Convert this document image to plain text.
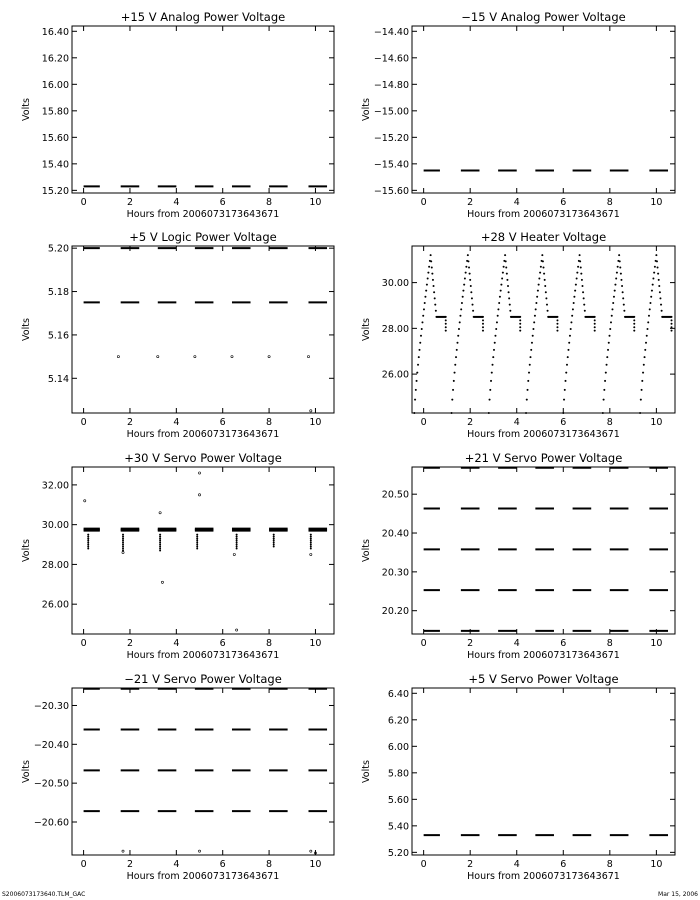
+15 V Analog Power Voltage
Hours from 2006073173643671
Volts
0	2	4	6	8	10
15.20
15.40
15.60
15.80
16.00
16.20
16.40
−15 V Analog Power Voltage
Hours from 2006073173643671
Volts
0	2	4	6	8	10
−15.60
−15.40
−15.20
−15.00
−14.80
−14.60
−14.40
+5 V Logic Power Voltage
Hours from 2006073173643671
Volts
0	2	4	6	8	10
5.14
5.16
5.18
5.20
+28 V Heater Voltage
Hours from 2006073173643671
Volts
0	2	4	6	8	10
26.00
28.00
30.00
+30 V Servo Power Voltage
Hours from 2006073173643671
Volts
0	2	4	6	8	10
26.00
28.00
30.00
32.00
+21 V Servo Power Voltage
Hours from 2006073173643671
Volts
0	2	4	6	8	10
20.20
20.30
20.40
20.50
−21 V Servo Power Voltage
Hours from 2006073173643671
Volts
0	2	4	6	8	10
−20.60
−20.50
−20.40
−20.30
+5 V Servo Power Voltage
Hours from 2006073173643671
Volts
0	2	4	6	8	10
5.20
5.40
5.60
5.80
6.00
6.20
6.40
S2006073173640.TLM_GAC	Mar 15, 2006
